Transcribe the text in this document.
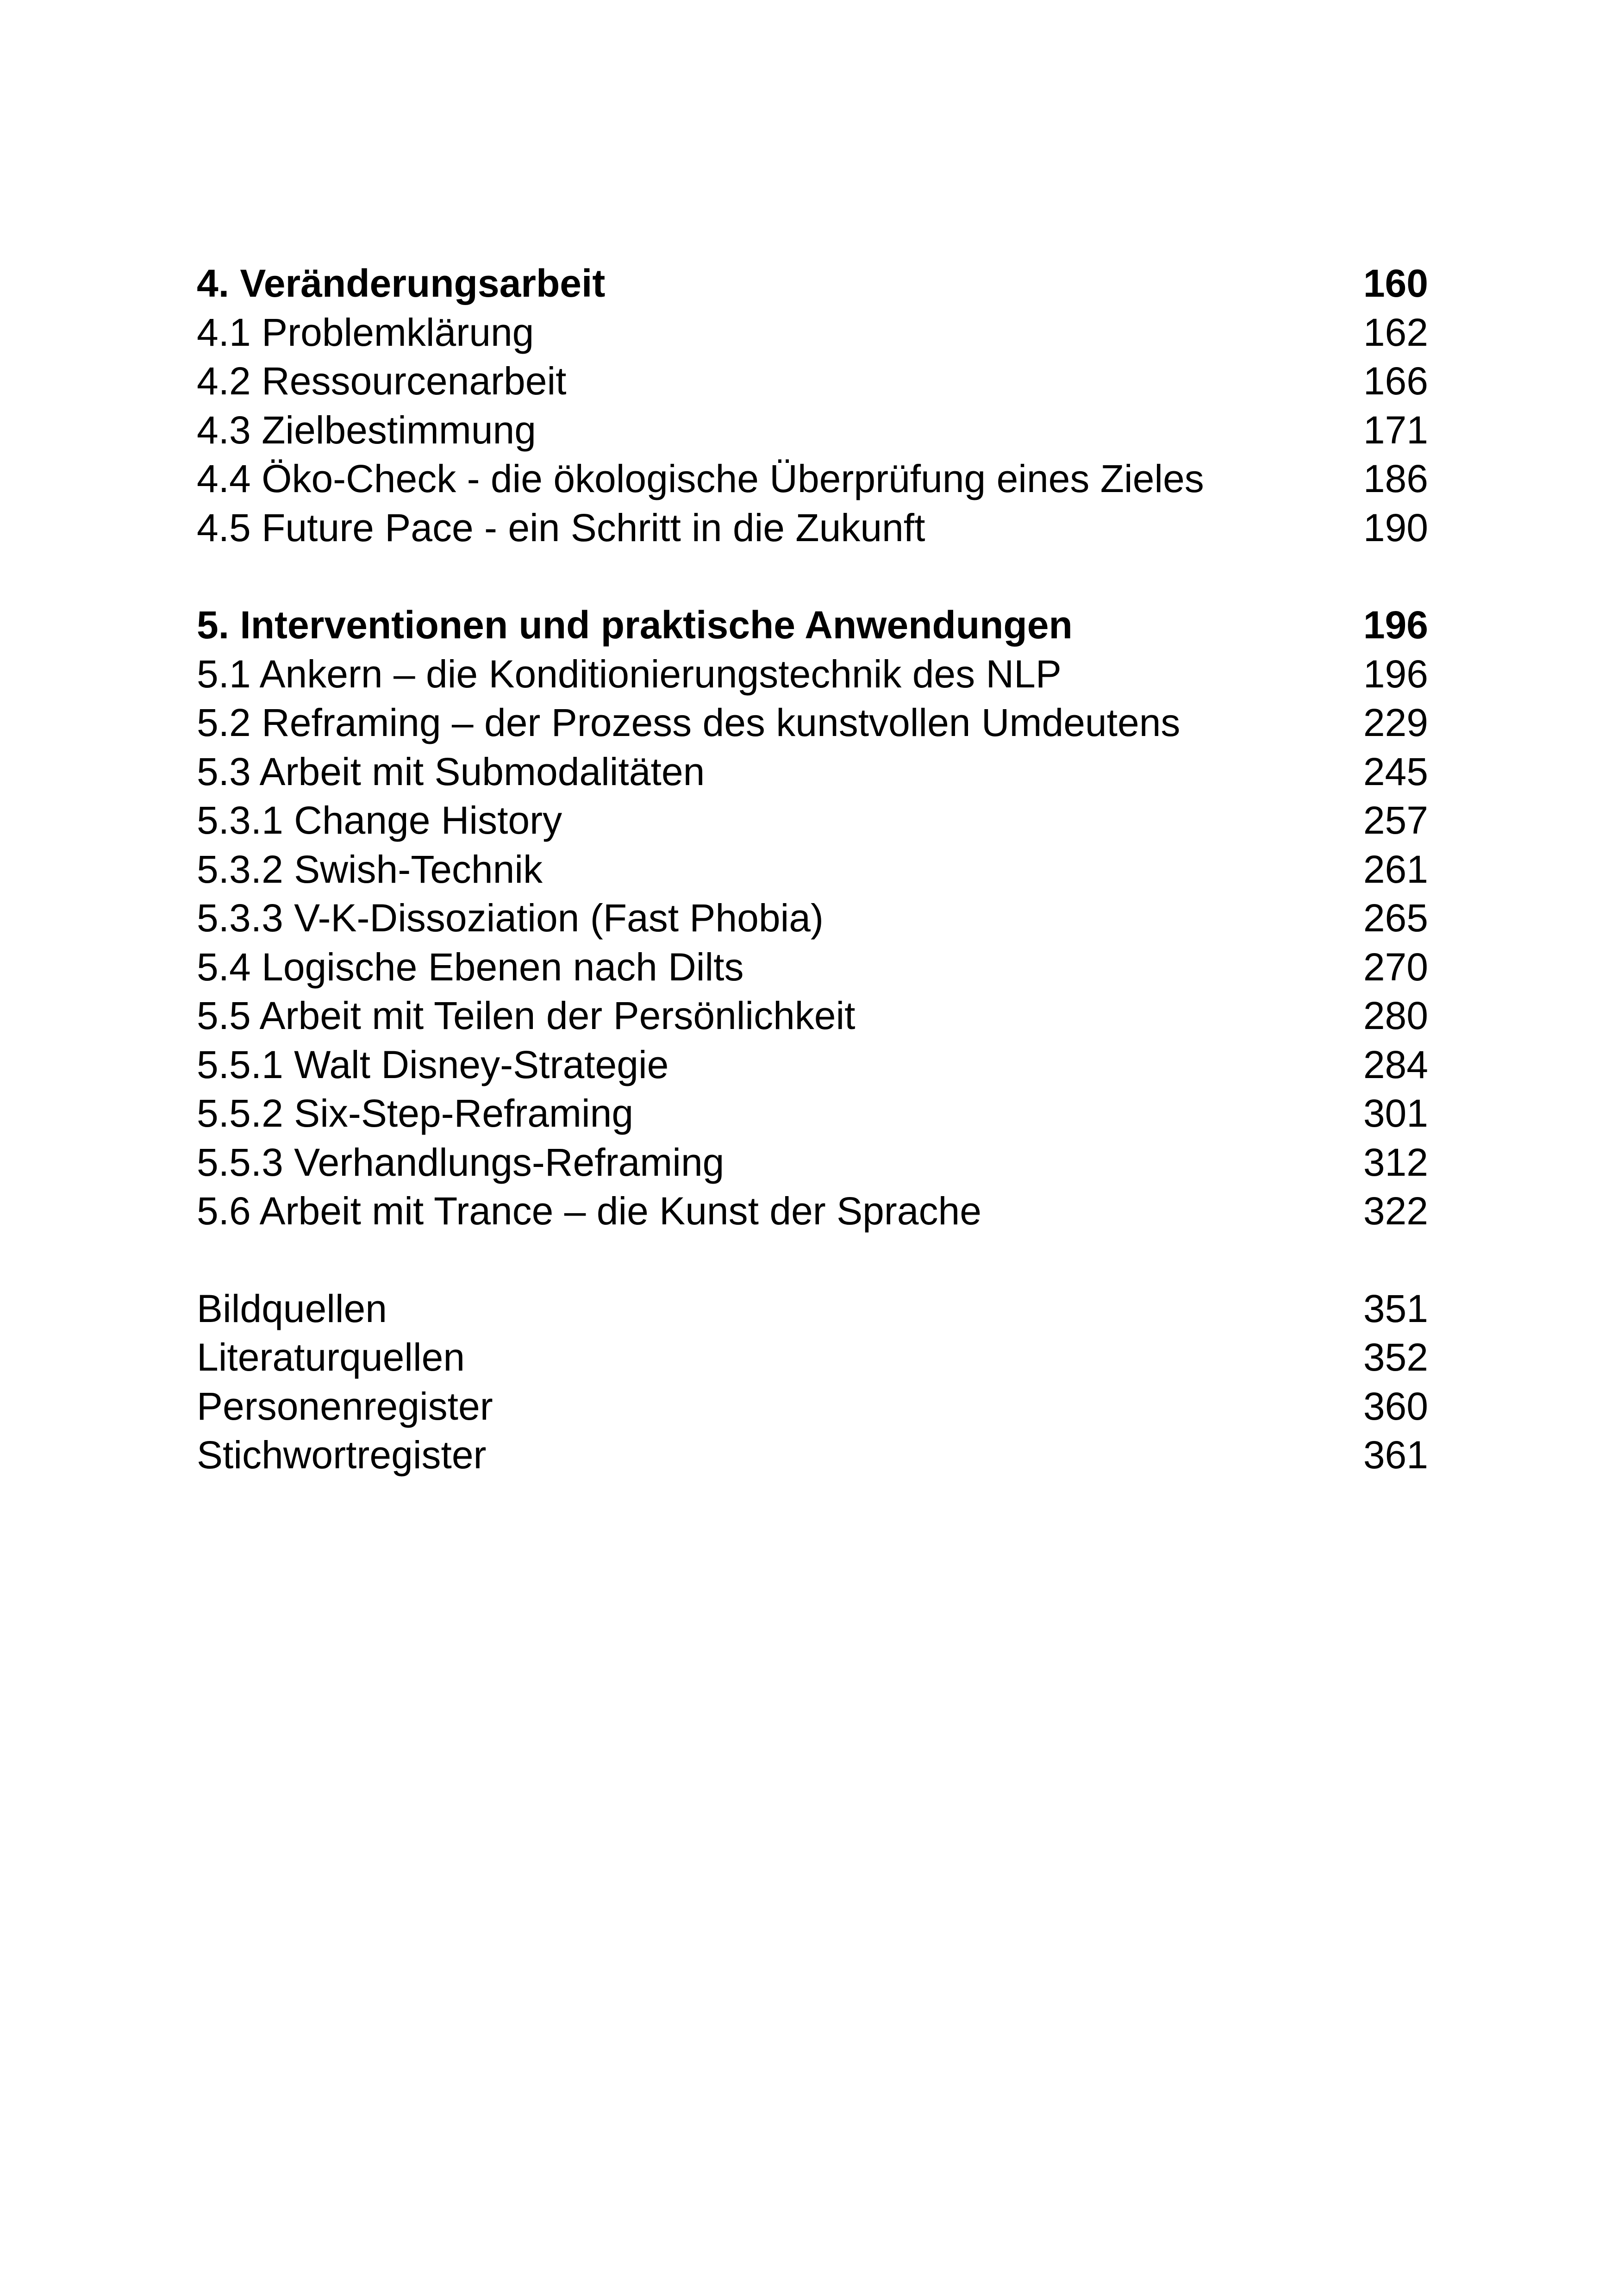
4. Veränderungsarbeit	160
4.1 Problemklärung	162
4.2 Ressourcenarbeit	166
4.3 Zielbestimmung	171
4.4 Öko-Check - die ökologische Überprüfung eines Zieles	186
4.5 Future Pace - ein Schritt in die Zukunft	190
5. Interventionen und praktische Anwendungen	196
5.1 Ankern – die Konditionierungstechnik des NLP	196
5.2 Reframing – der Prozess des kunstvollen Umdeutens	229
5.3 Arbeit mit Submodalitäten	245
5.3.1 Change History	257
5.3.2 Swish-Technik	261
5.3.3 V-K-Dissoziation (Fast Phobia)	265
5.4 Logische Ebenen nach Dilts	270
5.5 Arbeit mit Teilen der Persönlichkeit	280
5.5.1 Walt Disney-Strategie	284
5.5.2 Six-Step-Reframing	301
5.5.3 Verhandlungs-Reframing	312
5.6 Arbeit mit Trance – die Kunst der Sprache	322
Bildquellen	351
Literaturquellen	352
Personenregister	360
Stichwortregister	361
